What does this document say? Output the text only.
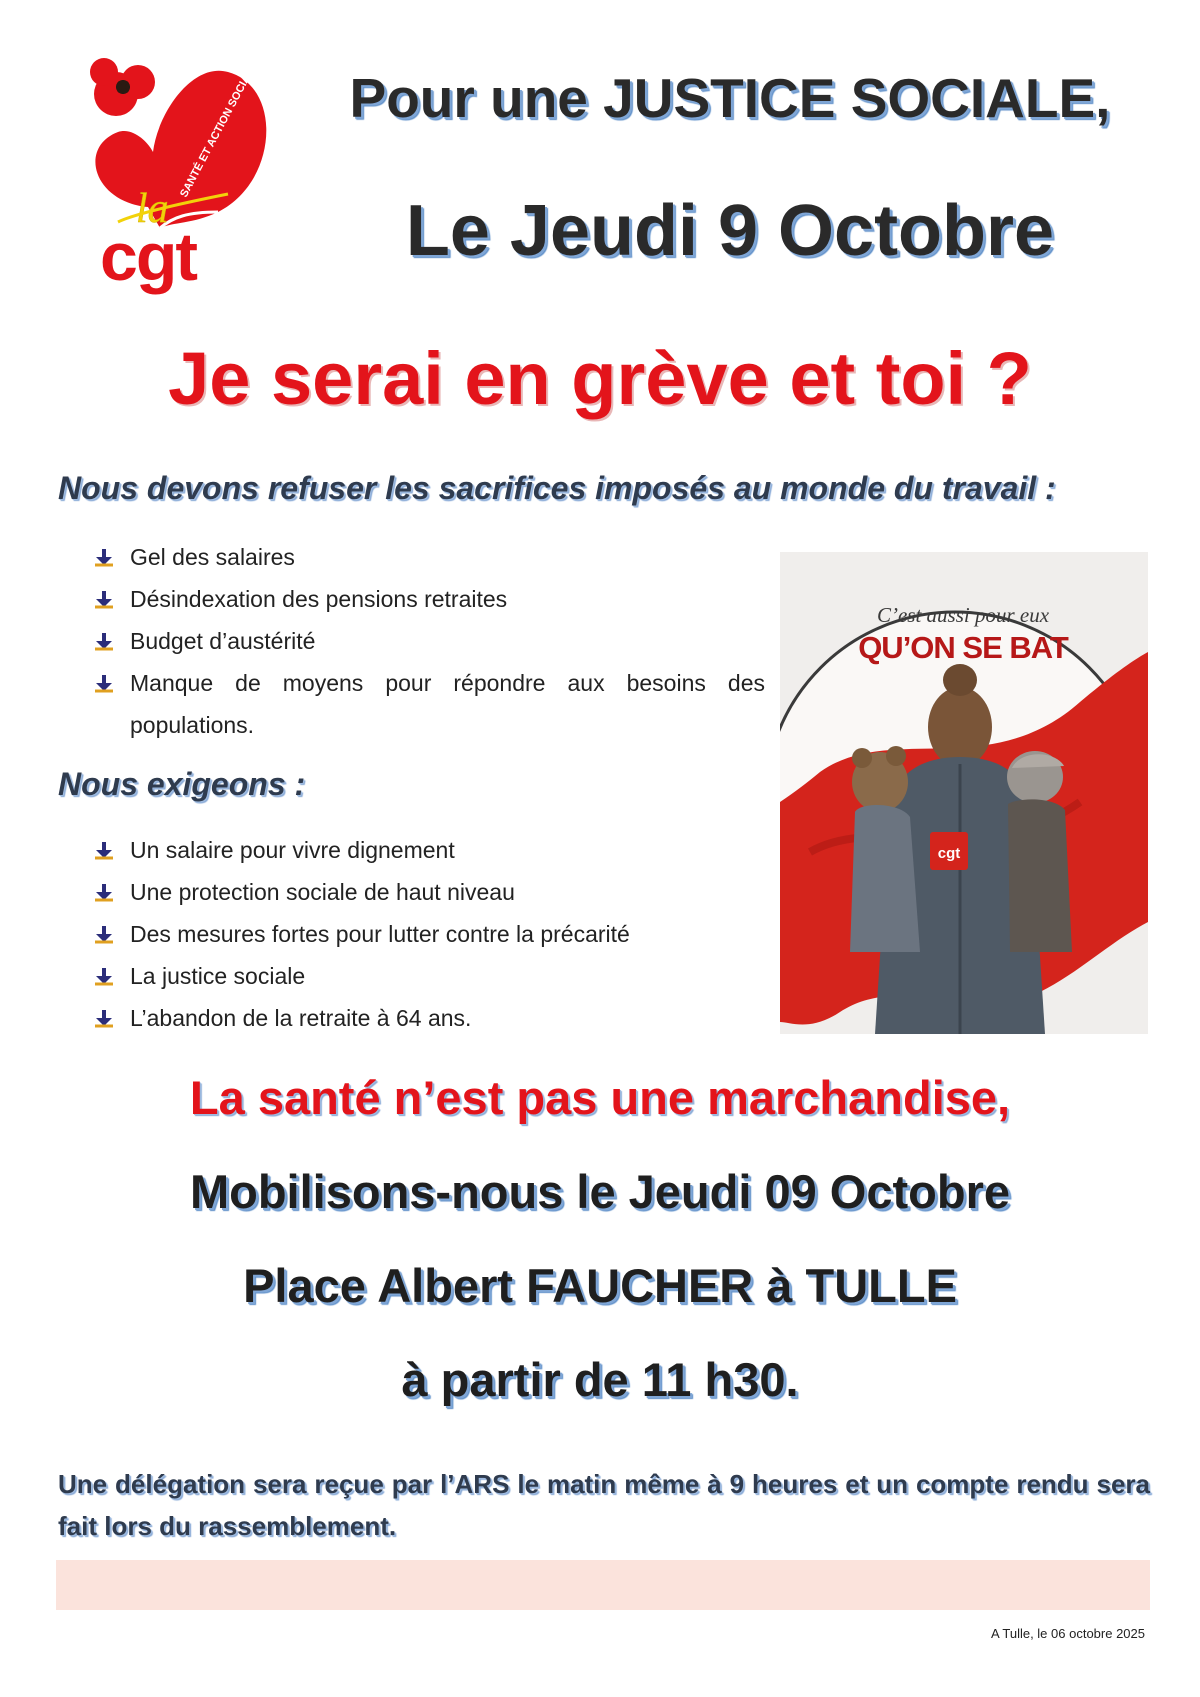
la
SANTÉ ET ACTION SOCIALE
cgt
Pour une JUSTICE SOCIALE,
Le Jeudi 9 Octobre
Je serai en grève et toi ?
Nous devons refuser les sacrifices imposés au monde du travail :
Gel des salaires
Désindexation des pensions retraites
Budget d’austérité
Manque de moyens pour répondre aux besoins des populations.
Nous exigeons :
Un salaire pour vivre dignement
Une protection sociale de haut niveau
Des mesures fortes pour lutter contre la précarité
La justice sociale
L’abandon de la retraite à 64 ans.
cgt
C’est aussi pour eux
QU’ON SE BAT
La santé n’est pas une marchandise,
Mobilisons-nous le Jeudi 09 Octobre
Place Albert FAUCHER à TULLE
à partir de 11 h30.
Une délégation sera reçue par l’ARS le matin même à 9 heures et un compte rendu sera fait lors du rassemblement.
A Tulle, le 06 octobre 2025
